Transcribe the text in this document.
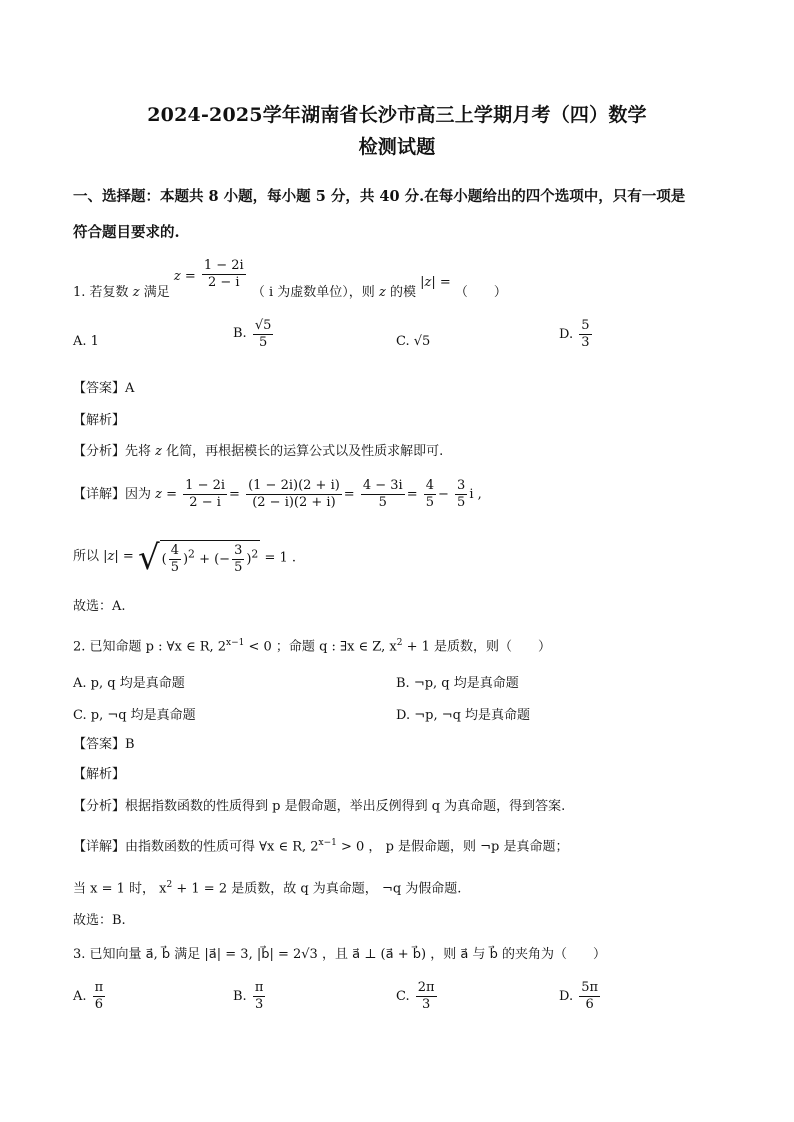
2024-2025学年湖南省长沙市高三上学期月考（四）数学
检测试题
一、选择题：本题共 8 小题，每小题 5 分，共 40 分.在每小题给出的四个选项中，只有一项是
符合题目要求的.
1. 若复数 z 满足 $z = \frac{1 - 2i}{2 - i}$
（ i 为虚数单位），则 z 的模 |z| = （　　）
A. 1
B. $\frac{√5}{5}$	C. √5	D. $\frac{5}{3}$
【答案】A
【解析】
【分析】先将 z 化简，再根据模长的运算公式以及性质求解即可.
【详解】因为 $z = \frac{1 - 2i}{2 - i} = \frac{(1 - 2i)(2 + i)}{(2 - i)(2 + i)} = \frac{4 - 3i}{5} = \frac{4}{5} - \frac{3}{5}$ i ,
所以 |z| = √( $\frac{4}{5} )^2$ + (− $\frac{3}{5} )^2 = 1$ .
故选：A.
2. 已知命题 p : ∀x ∈ R, $2^{x-1} < 0$ ；命题 q : ∃x ∈ Z, $x^2 + 1$ 是质数，则（　　）
A. p, q 均是真命题	B. ¬p, q 均是真命题
C. p, ¬q 均是真命题	D. ¬p, ¬q 均是真命题
【答案】B
【解析】
【分析】根据指数函数的性质得到 p 是假命题，举出反例得到 q 为真命题，得到答案.
【详解】由指数函数的性质可得 ∀x ∈ R, $2^{x-1} > 0$ ， p 是假命题，则 ¬p 是真命题；
当 x = 1 时， $x^2 + 1 = 2$ 是质数，故 q 为真命题， ¬q 为假命题.
故选：B.
3. 已知向量 a⃗, b⃗ 满足 |a⃗| = 3, |b⃗| = 2√3 ，且 a⃗ ⊥ (a⃗ + b⃗) ，则 a⃗ 与 b⃗ 的夹角为（　　）
A. $\frac{\pi}{6}$	B. $\frac{\pi}{3}$	C. $\frac{2\pi}{3}$	D. $\frac{5\pi}{6}$
